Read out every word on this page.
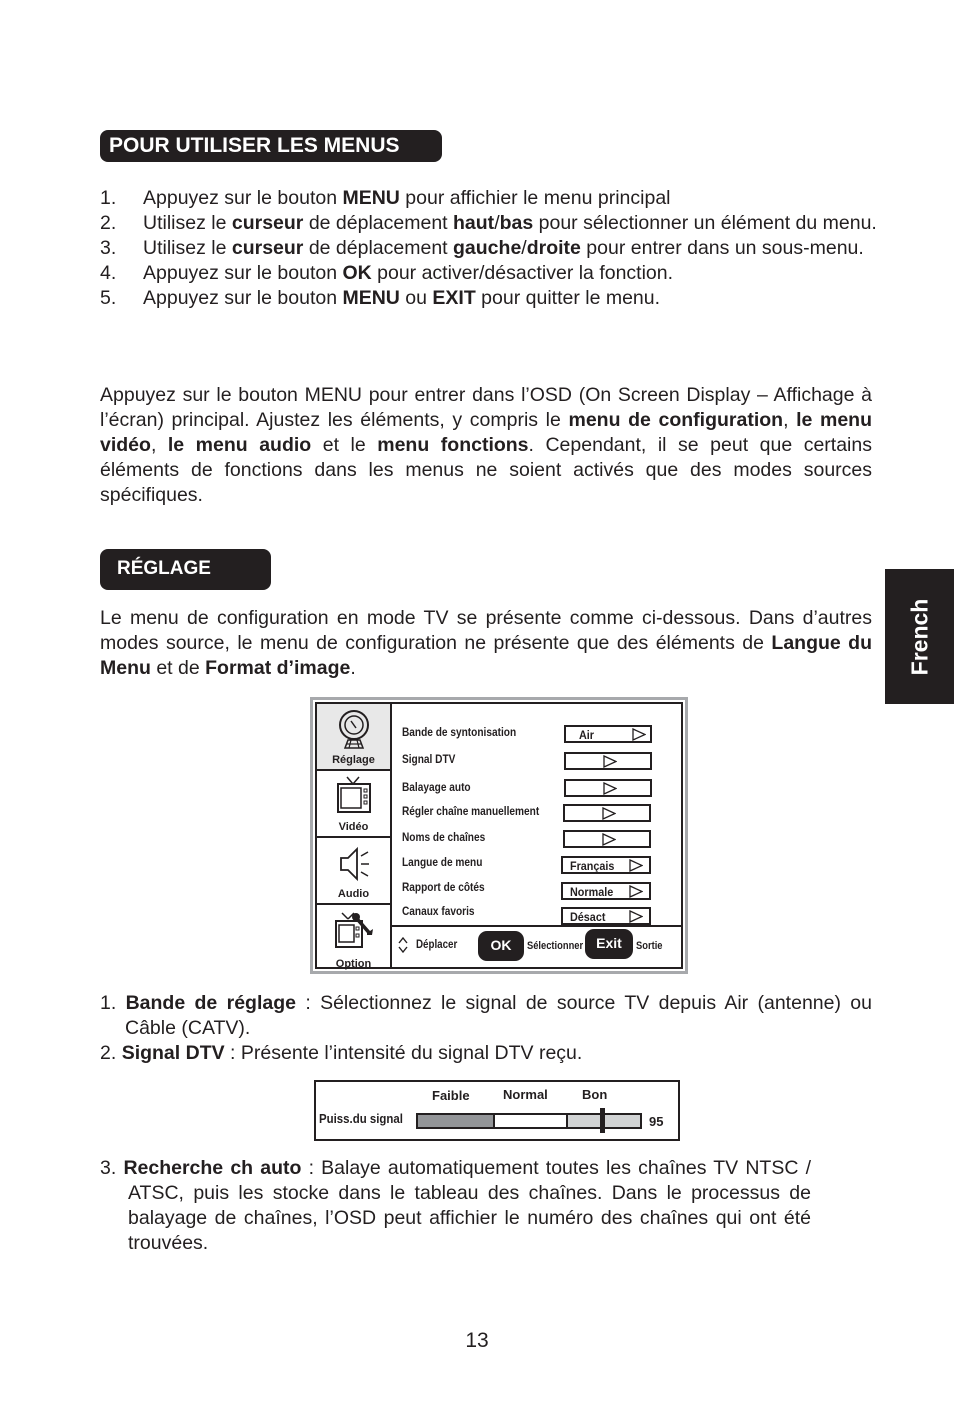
POUR UTILISER LES MENUS
1. Appuyez sur le bouton MENU pour affichier le menu principal
2. Utilisez le curseur de déplacement haut/bas pour sélectionner un élément du menu.
3. Utilisez le curseur de déplacement gauche/droite pour entrer dans un sous-menu.
4. Appuyez sur le bouton OK pour activer/désactiver la fonction.
5. Appuyez sur le bouton MENU ou EXIT pour quitter le menu.

Appuyez sur le bouton MENU pour entrer dans l’OSD (On Screen Display – Affichage à l’écran) principal. Ajustez les éléments, y compris le menu de configuration, le menu vidéo, le menu audio et le menu fonctions. Cependant, il se peut que certains éléments de fonctions dans les menus ne soient activés que des modes sources spécifiques.

RÉGLAGE

Le menu de configuration en mode TV se présente comme ci-dessous. Dans d’autres modes source, le menu de configuration ne présente que des éléments de Langue du Menu et de Format d’image.	French
Réglage
Vidéo
Audio
Option
Bande de syntonisation	Air
Signal DTV
Balayage auto
Régler chaîne manuellement
Noms de chaînes
Langue de menu	Français
Rapport de côtés	Normale
Canaux favoris	Désact
Déplacer	OK	Sélectionner Exit	Sortie
1. Bande de réglage : Sélectionnez le signal de source TV depuis Air (antenne) ou Câble (CATV).
2. Signal DTV : Présente l’intensité du signal DTV reçu.
Faible	Normal	Bon
Puiss.du signal	95
3. Recherche ch auto : Balaye automatiquement toutes les chaînes TV NTSC / ATSC, puis les stocke dans le tableau des chaînes. Dans le processus de balayage de chaînes, l’OSD peut affichier le numéro des chaînes qui ont été trouvées.
13
